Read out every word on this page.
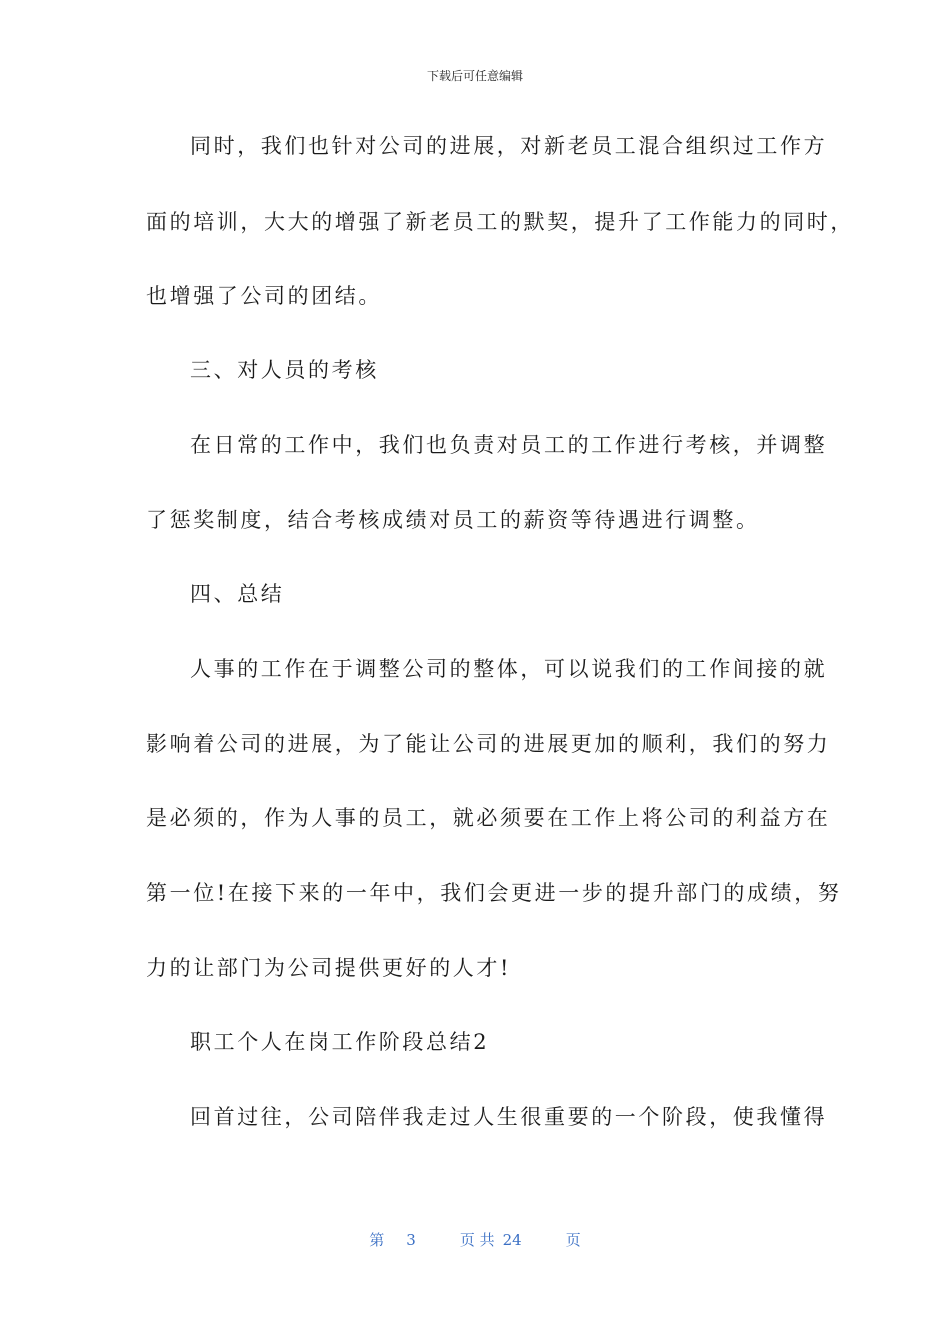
下载后可任意编辑
同时，我们也针对公司的进展，对新老员工混合组织过工作方
面的培训，大大的增强了新老员工的默契，提升了工作能力的同时，
也增强了公司的团结。
三、对人员的考核
在日常的工作中，我们也负责对员工的工作进行考核，并调整
了惩奖制度，结合考核成绩对员工的薪资等待遇进行调整。
四、总结
人事的工作在于调整公司的整体，可以说我们的工作间接的就
影响着公司的进展，为了能让公司的进展更加的顺利，我们的努力
是必须的，作为人事的员工，就必须要在工作上将公司的利益方在
第一位!在接下来的一年中，我们会更进一步的提升部门的成绩，努
力的让部门为公司提供更好的人才!
职工个人在岗工作阶段总结2
回首过往，公司陪伴我走过人生很重要的一个阶段，使我懂得
第 3	页 共 24	页
